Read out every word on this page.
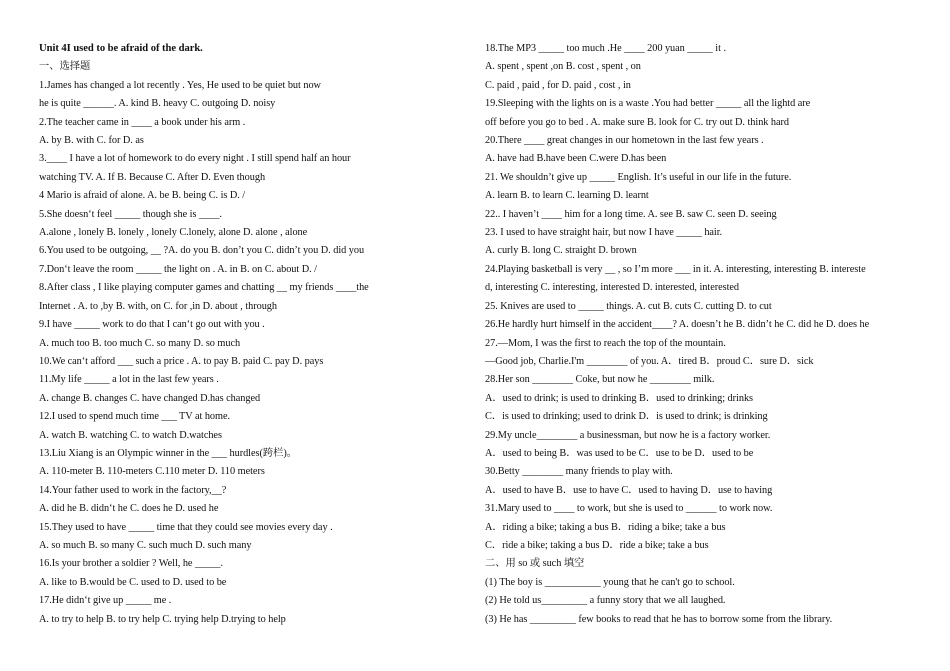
Unit 4I used to be afraid of the dark.
一、选择题
1.James has changed a lot recently . Yes, He used to be quiet but now
he is quite ______. A. kind B. heavy C. outgoing D. noisy
2.The teacher came in ____ a book under his arm .
A. by B. with C. for D. as
3.____ I have a lot of homework to do every night . I still spend half an hour
watching TV. A. If B. Because C. After D. Even though
4 Mario is afraid of alone. A. be B. being C. is D. /
5.She doesn‘t feel _____ though she is ____.
A.alone , lonely B. lonely , lonely C.lonely, alone D. alone , alone
6.You used to be outgoing, __ ?A. do you B. don’t you C. didn’t you D. did you
7.Don‘t leave the room _____ the light on . A. in B. on C. about D. /
8.After class , I like playing computer games and chatting __ my friends ____the
Internet . A. to ,by B. with, on C. for ,in D. about , through
9.I have _____ work to do that I can‘t go out with you .
A. much too B. too much C. so many D. so much
10.We can‘t afford ___ such a price . A. to pay B. paid C. pay D. pays
11.My life _____ a lot in the last few years .
A. change B. changes C. have changed D.has changed
12.I used to spend much time ___ TV at home.
A. watch B. watching C. to watch D.watches
13.Liu Xiang is an Olympic winner in the ___ hurdles(跨栏)。
A. 110-meter B. 110-meters C.110 meter D. 110 meters
14.Your father used to work in the factory,__?
A. did he B. didn‘t he C. does he D. used he
15.They used to have _____ time that they could see movies every day .
A. so much B. so many C. such much D. such many
16.Is your brother a soldier ? Well, he _____.
A. like to B.would be C. used to D. used to be
17.He didn‘t give up _____ me .
A. to try to help B. to try help C. trying help D.trying to help
18.The MP3 _____ too much .He ____ 200 yuan _____ it .
A. spent , spent ,on B. cost , spent , on
C. paid , paid , for D. paid , cost , in
19.Sleeping with the lights on is a waste .You had better _____ all the lightd are
off before you go to bed . A. make sure B. look for C. try out D. think hard
20.There ____ great changes in our hometown in the last few years .
A. have had B.have been C.were D.has been
21. We shouldn’t give up _____ English. It’s useful in our life in the future.
A. learn B. to learn C. learning D. learnt
22.. I haven’t ____ him for a long time. A. see B. saw C. seen D. seeing
23. I used to have straight hair, but now I have _____ hair.
A. curly B. long C. straight D. brown
24.Playing basketball is very __ , so I’m more ___ in it. A. interesting, interesting B. intereste
d, interesting C. interesting, interested D. interested, interested
25. Knives are used to _____ things. A. cut B. cuts C. cutting D. to cut
26.He hardly hurt himself in the accident____? A. doesn’t he B. didn’t he C. did he D. does he
27.—Mom, I was the first to reach the top of the mountain.
—Good job, Charlie.I'm ________ of you. A．tired B．proud C．sure D．sick
28.Her son ________ Coke, but now he ________ milk.
A．used to drink; is used to drinking B．used to drinking; drinks
C．is used to drinking; used to drink D．is used to drink; is drinking
29.My uncle________ a businessman, but now he is a factory worker.
A．used to being B．was used to be C．use to be D．used to be
30.Betty ________ many friends to play with.
A．used to have B．use to have C．used to having D．use to having
31.Mary used to ____ to work, but she is used to ______ to work now.
A．riding a bike; taking a bus B．riding a bike; take a bus
C．ride a bike; taking a bus D．ride a bike; take a bus
二、用 so 或 such 填空
(1) The boy is ___________ young that he can't go to school.
(2) He told us_________ a funny story that we all laughed.
(3) He has _________ few books to read that he has to borrow some from the library.
